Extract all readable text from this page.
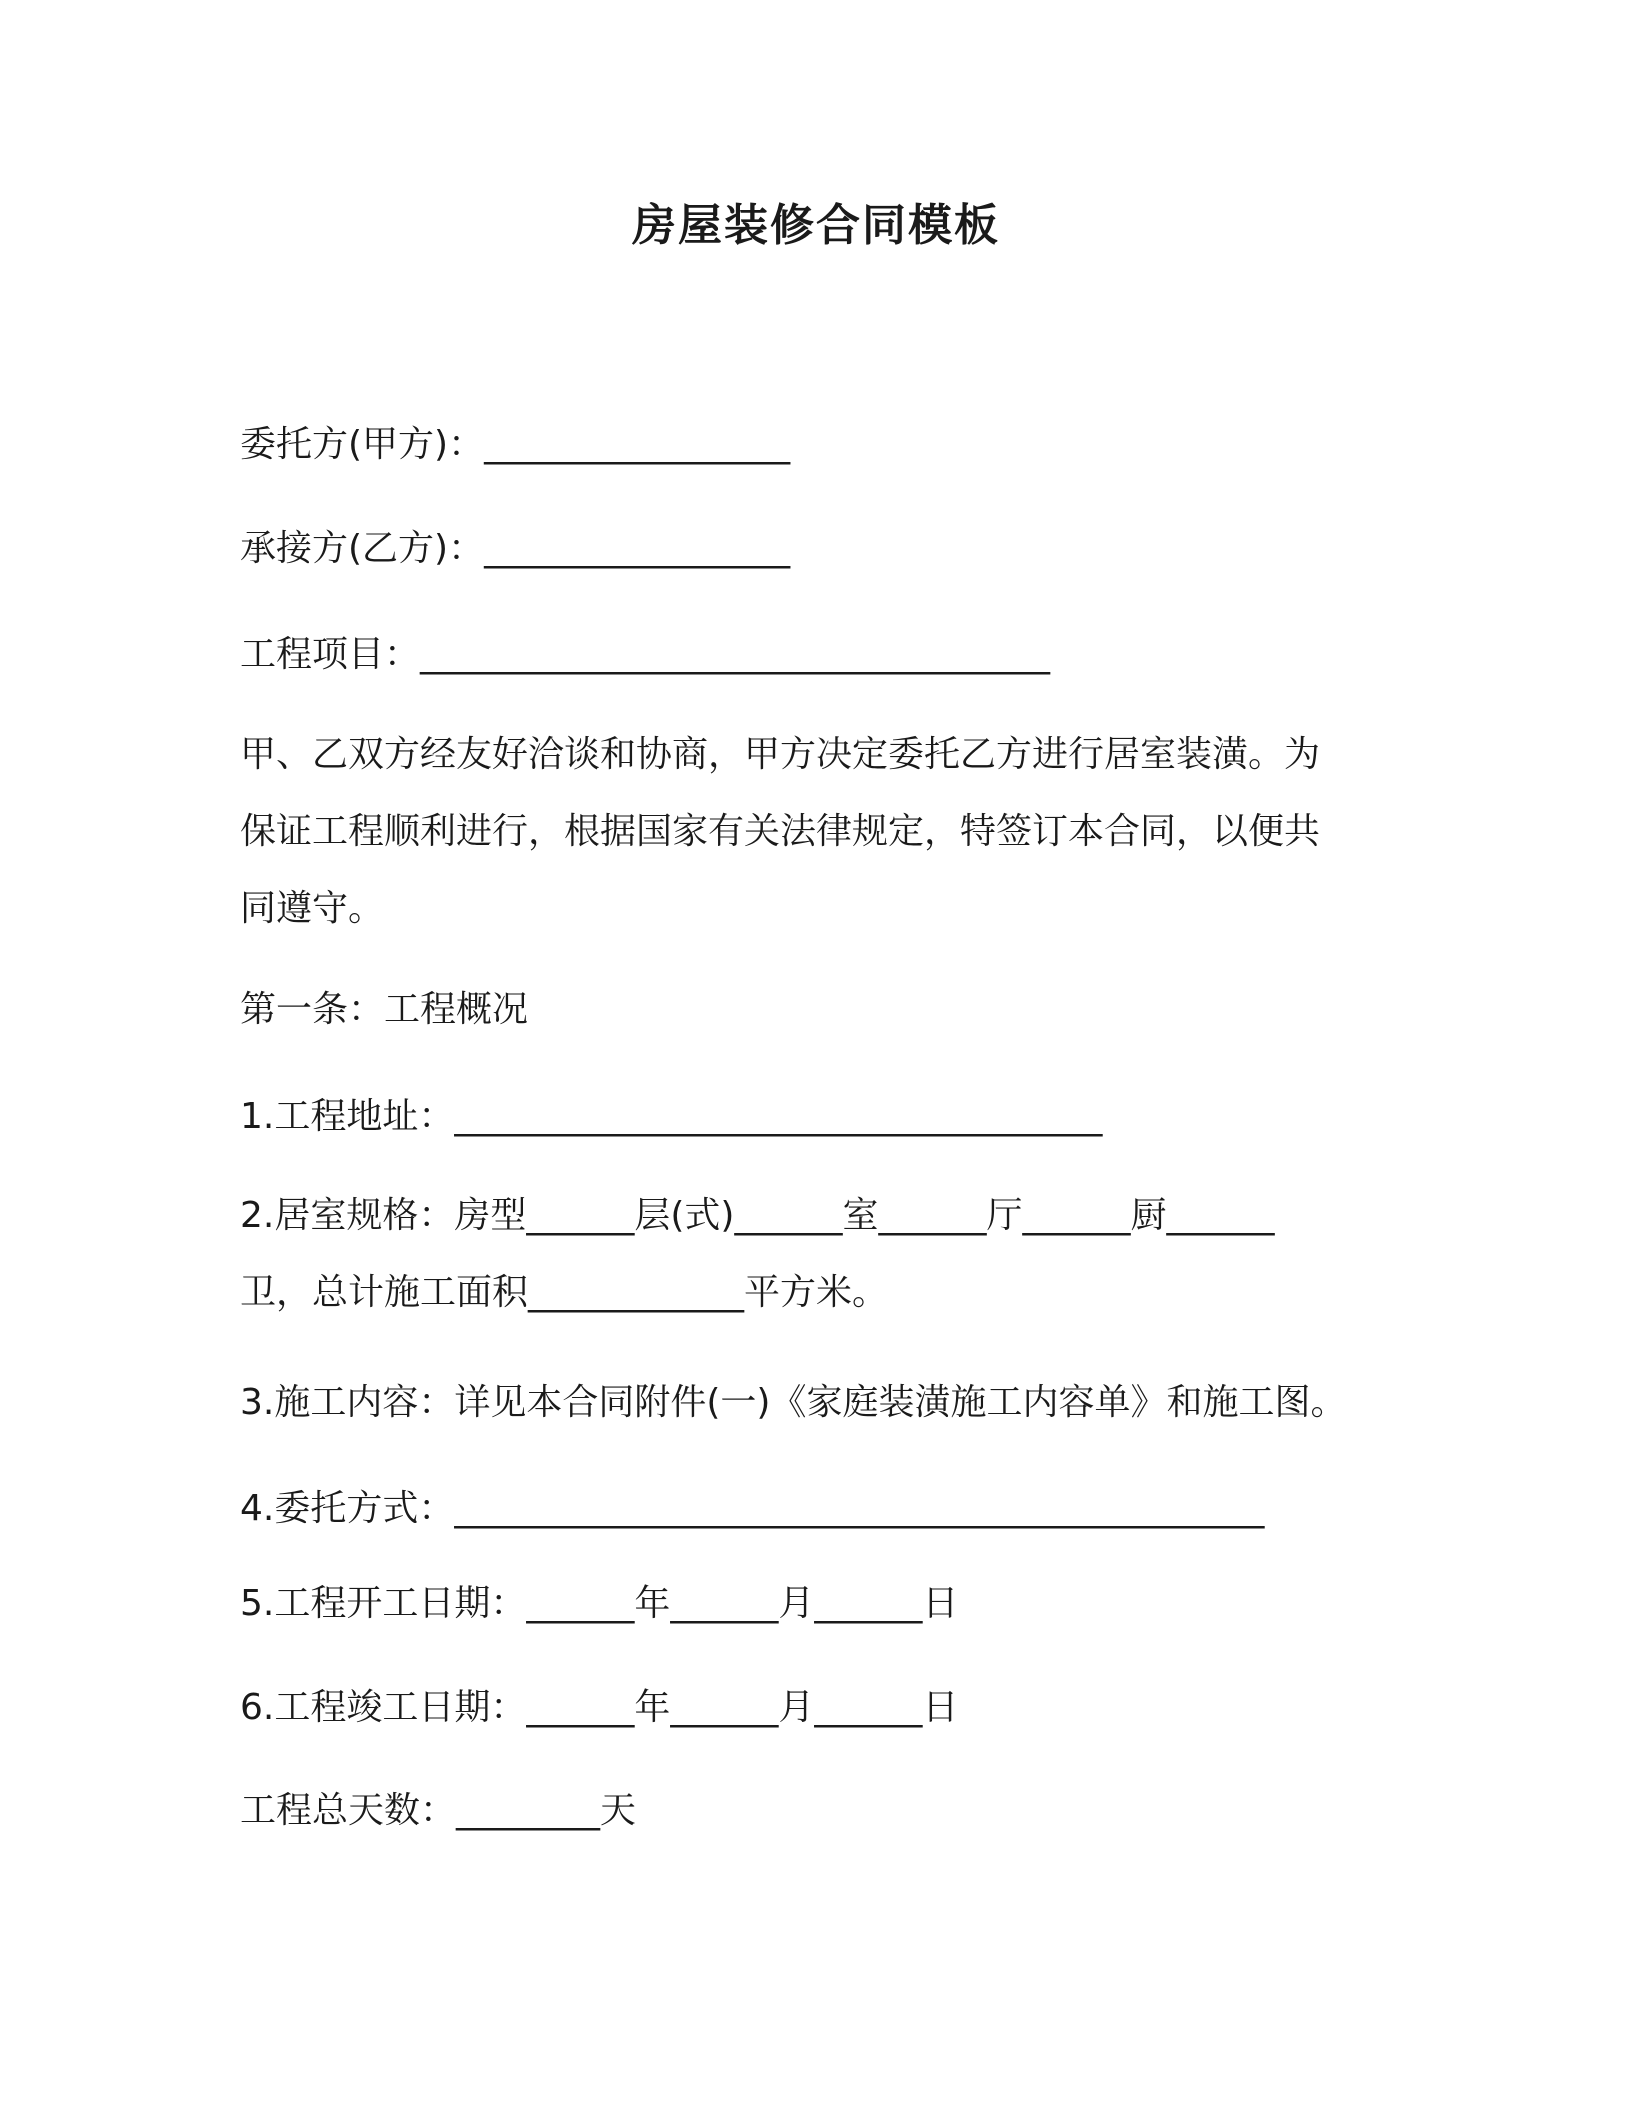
房屋装修合同模板
委托方(甲方)：_________________
承接方(乙方)：_________________
工程项目：___________________________________
甲、乙双方经友好洽谈和协商，甲方决定委托乙方进行居室装潢。为
保证工程顺利进行，根据国家有关法律规定，特签订本合同，以便共
同遵守。
第一条：工程概况
1.工程地址：____________________________________
2.居室规格：房型______层(式)______室______厅______厨______
卫，总计施工面积____________平方米。
3.施工内容：详见本合同附件(一)《家庭装潢施工内容单》和施工图。
4.委托方式：_____________________________________________
5.工程开工日期：______年______月______日
6.工程竣工日期：______年______月______日
工程总天数：________天
